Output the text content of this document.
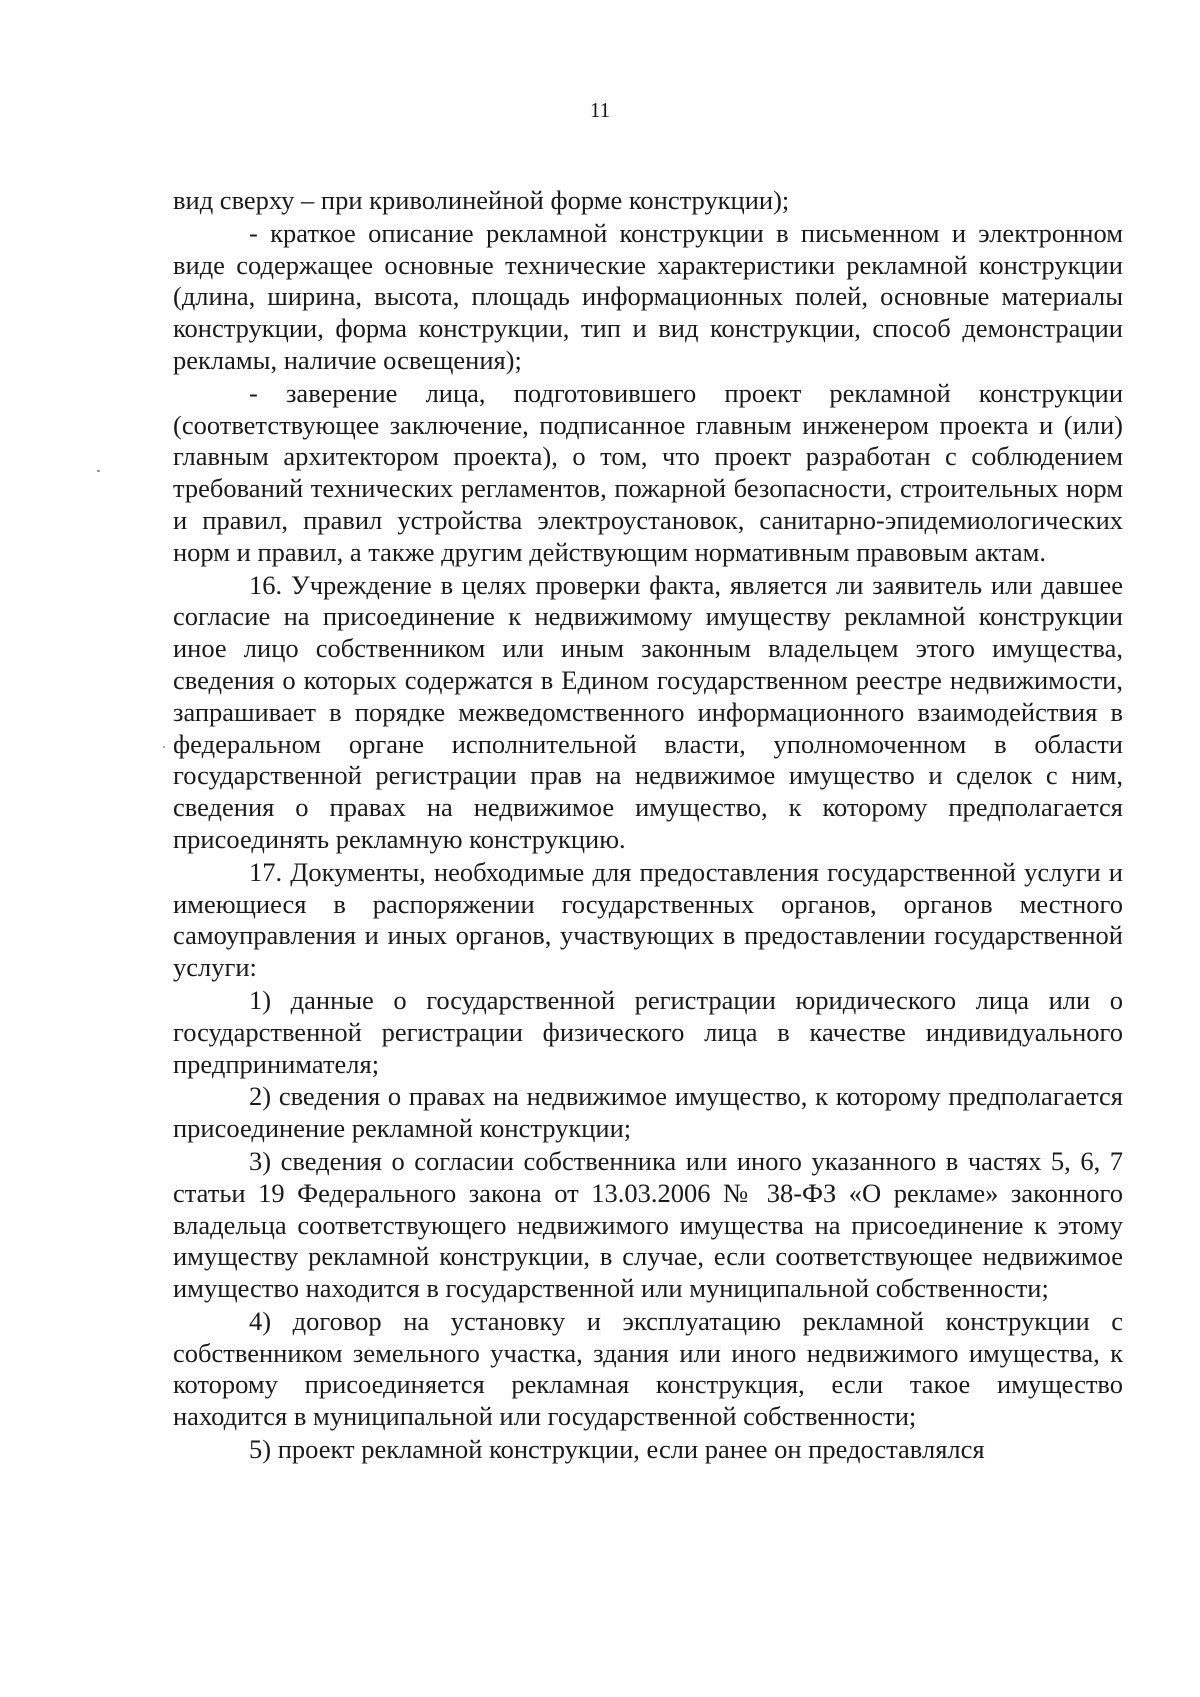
11

вид сверху – при криволинейной форме конструкции);

- краткое описание рекламной конструкции в письменном и электронном виде содержащее основные технические характеристики рекламной конструкции (длина, ширина, высота, площадь информационных полей, основные материалы конструкции, форма конструкции, тип и вид конструкции, способ демонстрации рекламы, наличие освещения);

- заверение лица, подготовившего проект рекламной конструкции (соответствующее заключение, подписанное главным инженером проекта и (или) главным архитектором проекта), о том, что проект разработан с соблюдением требований технических регламентов, пожарной безопасности, строительных норм и правил, правил устройства электроустановок, санитарно-эпидемиологических норм и правил, а также другим действующим нормативным правовым актам.

16. Учреждение в целях проверки факта, является ли заявитель или давшее согласие на присоединение к недвижимому имуществу рекламной конструкции иное лицо собственником или иным законным владельцем этого имущества, сведения о которых содержатся в Едином государственном реестре недвижимости, запрашивает в порядке межведомственного информационного взаимодействия в федеральном органе исполнительной власти, уполномоченном в области государственной регистрации прав на недвижимое имущество и сделок с ним, сведения о правах на недвижимое имущество, к которому предполагается присоединять рекламную конструкцию.

17. Документы, необходимые для предоставления государственной услуги и имеющиеся в распоряжении государственных органов, органов местного самоуправления и иных органов, участвующих в предоставлении государственной услуги:

1) данные о государственной регистрации юридического лица или о государственной регистрации физического лица в качестве индивидуального предпринимателя;

2) сведения о правах на недвижимое имущество, к которому предполагается присоединение рекламной конструкции;

3) сведения о согласии собственника или иного указанного в частях 5, 6, 7 статьи 19 Федерального закона от 13.03.2006 № 38-ФЗ «О рекламе» законного владельца соответствующего недвижимого имущества на присоединение к этому имуществу рекламной конструкции, в случае, если соответствующее недвижимое имущество находится в государственной или муниципальной собственности;

4) договор на установку и эксплуатацию рекламной конструкции с собственником земельного участка, здания или иного недвижимого имущества, к которому присоединяется рекламная конструкция, если такое имущество находится в муниципальной или государственной собственности;

5) проект рекламной конструкции, если ранее он предоставлялся
